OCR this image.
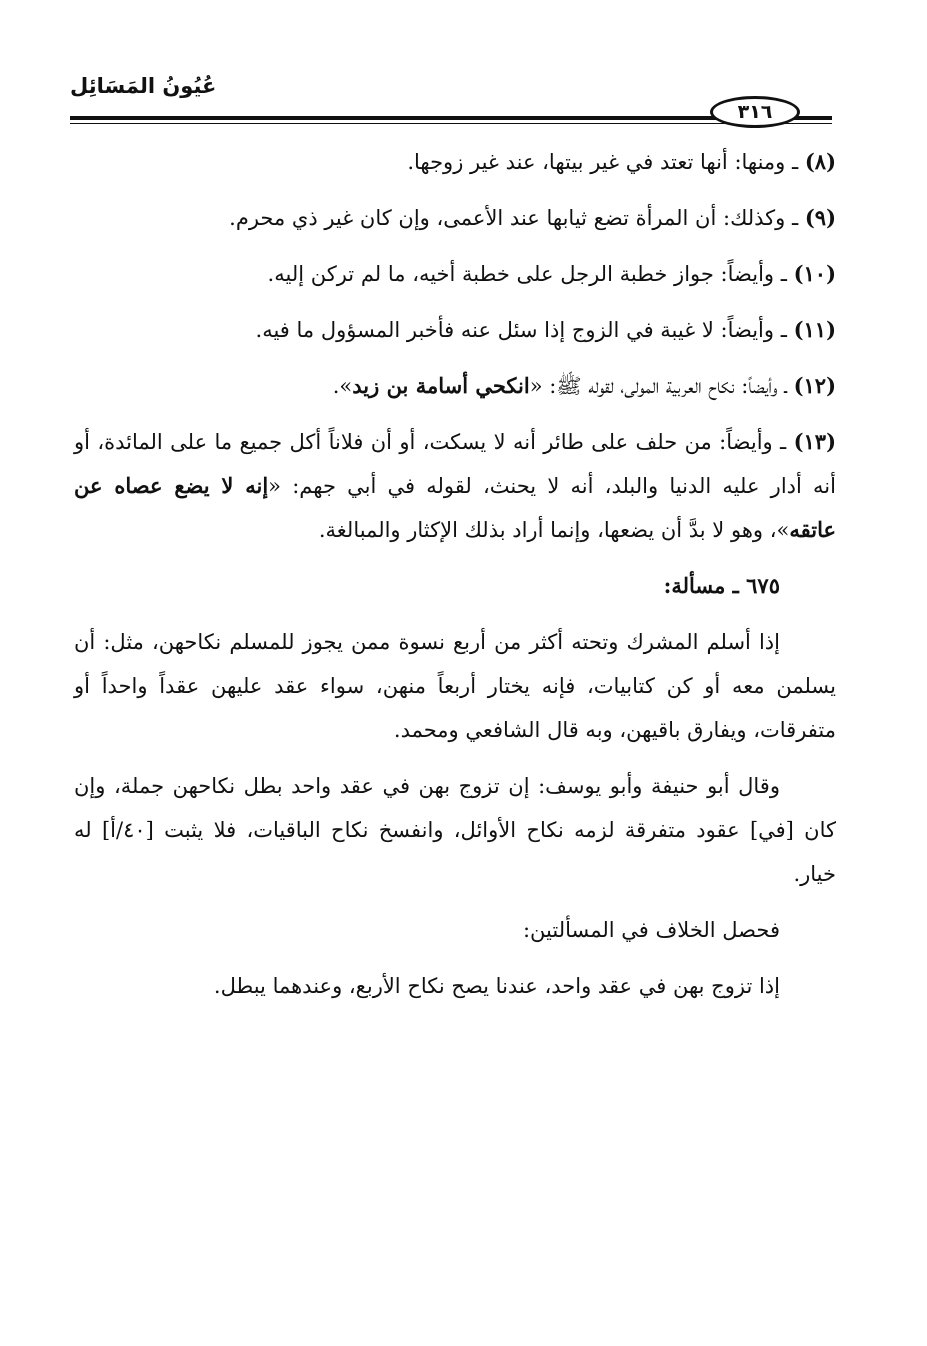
عُيُونُ المَسَائِل
٣١٦

(٨) ـ ومنها: أنها تعتد في غير بيتها، عند غير زوجها.

(٩) ـ وكذلك: أن المرأة تضع ثيابها عند الأعمى، وإن كان غير ذي محرم.

(١٠) ـ وأيضاً: جواز خطبة الرجل على خطبة أخيه، ما لم تركن إليه.

(١١) ـ وأيضاً: لا غيبة في الزوج إذا سئل عنه فأخبر المسؤول ما فيه.

(١٢) ـ وأيضاً: نكاح العربية المولى، لقوله ﷺ: «انكحي أسامة بن زيد».

(١٣) ـ وأيضاً: من حلف على طائر أنه لا يسكت، أو أن فلاناً أكل جميع ما على المائدة، أو أنه أدار عليه الدنيا والبلد، أنه لا يحنث، لقوله في أبي جهم: «إنه لا يضع عصاه عن عاتقه»، وهو لا بدَّ أن يضعها، وإنما أراد بذلك الإكثار والمبالغة.

٦٧٥ ـ مسألة:

إذا أسلم المشرك وتحته أكثر من أربع نسوة ممن يجوز للمسلم نكاحهن، مثل: أن يسلمن معه أو كن كتابيات، فإنه يختار أربعاً منهن، سواء عقد عليهن عقداً واحداً أو متفرقات، ويفارق باقيهن، وبه قال الشافعي ومحمد.

وقال أبو حنيفة وأبو يوسف: إن تزوج بهن في عقد واحد بطل نكاحهن جملة، وإن كان [في] عقود متفرقة لزمه نكاح الأوائل، وانفسخ نكاح الباقيات، فلا يثبت [٤٠/أ] له خيار.

فحصل الخلاف في المسألتين:

إذا تزوج بهن في عقد واحد، عندنا يصح نكاح الأربع، وعندهما يبطل.
